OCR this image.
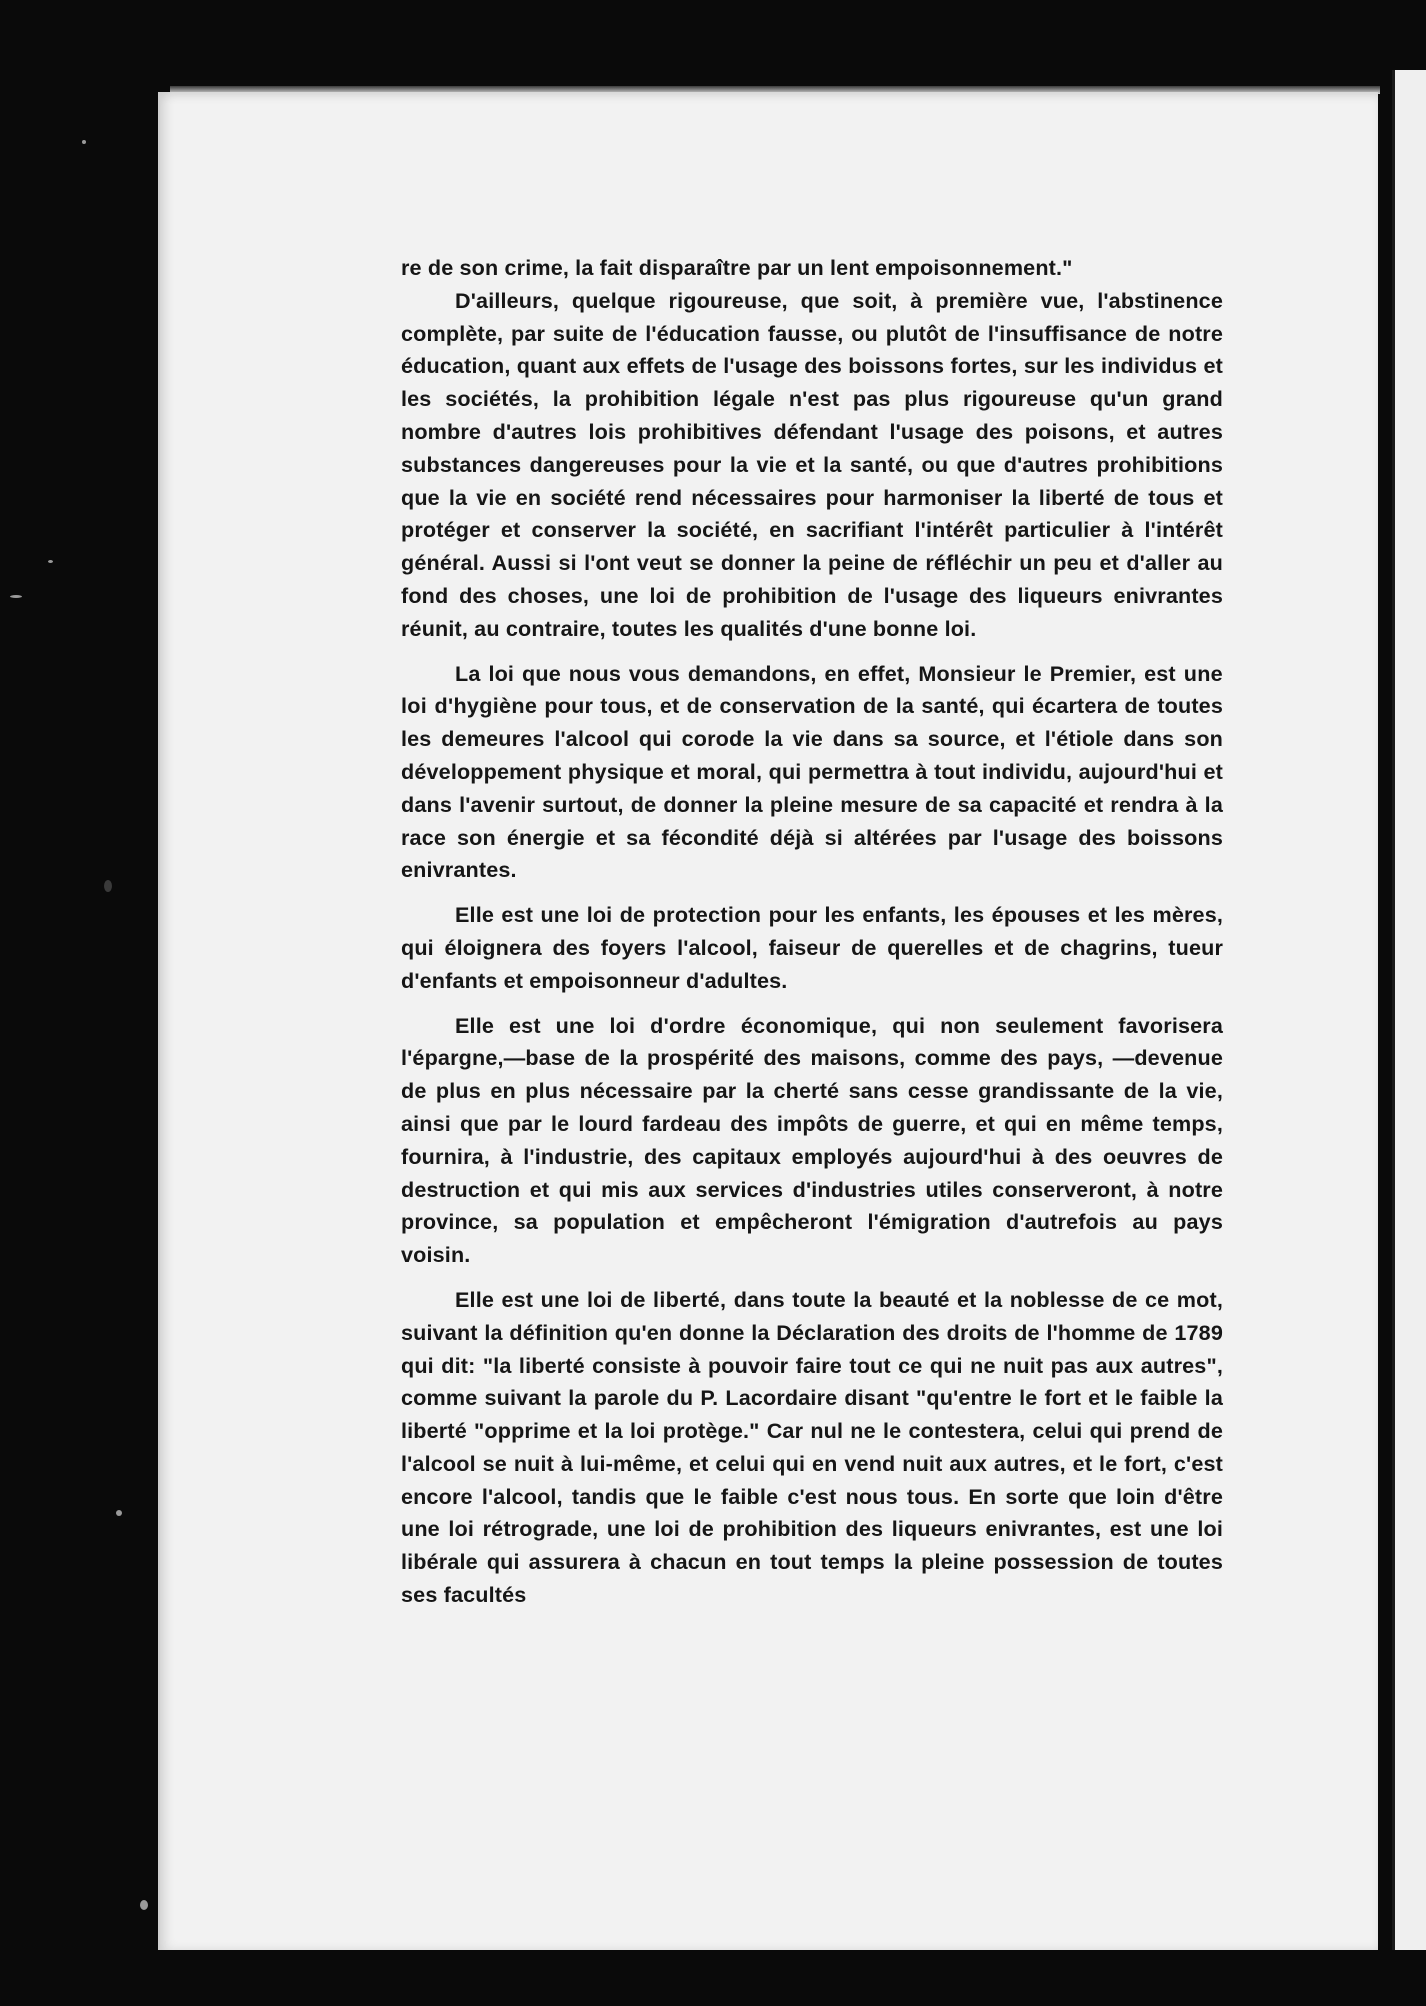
re de son crime, la fait disparaître par un lent empoisonnement."

D'ailleurs, quelque rigoureuse, que soit, à première vue, l'abstinence complète, par suite de l'éducation fausse, ou plutôt de l'insuffisance de notre éducation, quant aux effets de l'usage des boissons fortes, sur les individus et les sociétés, la prohibition légale n'est pas plus rigoureuse qu'un grand nombre d'autres lois prohibitives défendant l'usage des poisons, et autres substances dangereuses pour la vie et la santé, ou que d'autres prohibitions que la vie en société rend nécessaires pour harmoniser la liberté de tous et protéger et conserver la société, en sacrifiant l'intérêt particulier à l'intérêt général. Aussi si l'ont veut se donner la peine de réfléchir un peu et d'aller au fond des choses, une loi de prohibition de l'usage des liqueurs enivrantes réunit, au contraire, toutes les qualités d'une bonne loi.

La loi que nous vous demandons, en effet, Monsieur le Premier, est une loi d'hygiène pour tous, et de conservation de la santé, qui écartera de toutes les demeures l'alcool qui corode la vie dans sa source, et l'étiole dans son développement physique et moral, qui permettra à tout individu, aujourd'hui et dans l'avenir surtout, de donner la pleine mesure de sa capacité et rendra à la race son énergie et sa fécondité déjà si altérées par l'usage des boissons enivrantes.

Elle est une loi de protection pour les enfants, les épouses et les mères, qui éloignera des foyers l'alcool, faiseur de querelles et de chagrins, tueur d'enfants et empoisonneur d'adultes.

Elle est une loi d'ordre économique, qui non seulement favorisera l'épargne,—base de la prospérité des maisons, comme des pays, —devenue de plus en plus nécessaire par la cherté sans cesse grandissante de la vie, ainsi que par le lourd fardeau des impôts de guerre, et qui en même temps, fournira, à l'industrie, des capitaux employés aujourd'hui à des oeuvres de destruction et qui mis aux services d'industries utiles conserveront, à notre province, sa population et empêcheront l'émigration d'autrefois au pays voisin.

Elle est une loi de liberté, dans toute la beauté et la noblesse de ce mot, suivant la définition qu'en donne la Déclaration des droits de l'homme de 1789 qui dit: "la liberté consiste à pouvoir faire tout ce qui ne nuit pas aux autres", comme suivant la parole du P. Lacordaire disant "qu'entre le fort et le faible la liberté "opprime et la loi protège." Car nul ne le contestera, celui qui prend de l'alcool se nuit à lui-même, et celui qui en vend nuit aux autres, et le fort, c'est encore l'alcool, tandis que le faible c'est nous tous. En sorte que loin d'être une loi rétrograde, une loi de prohibition des liqueurs enivrantes, est une loi libérale qui assurera à chacun en tout temps la pleine possession de toutes ses facultés
